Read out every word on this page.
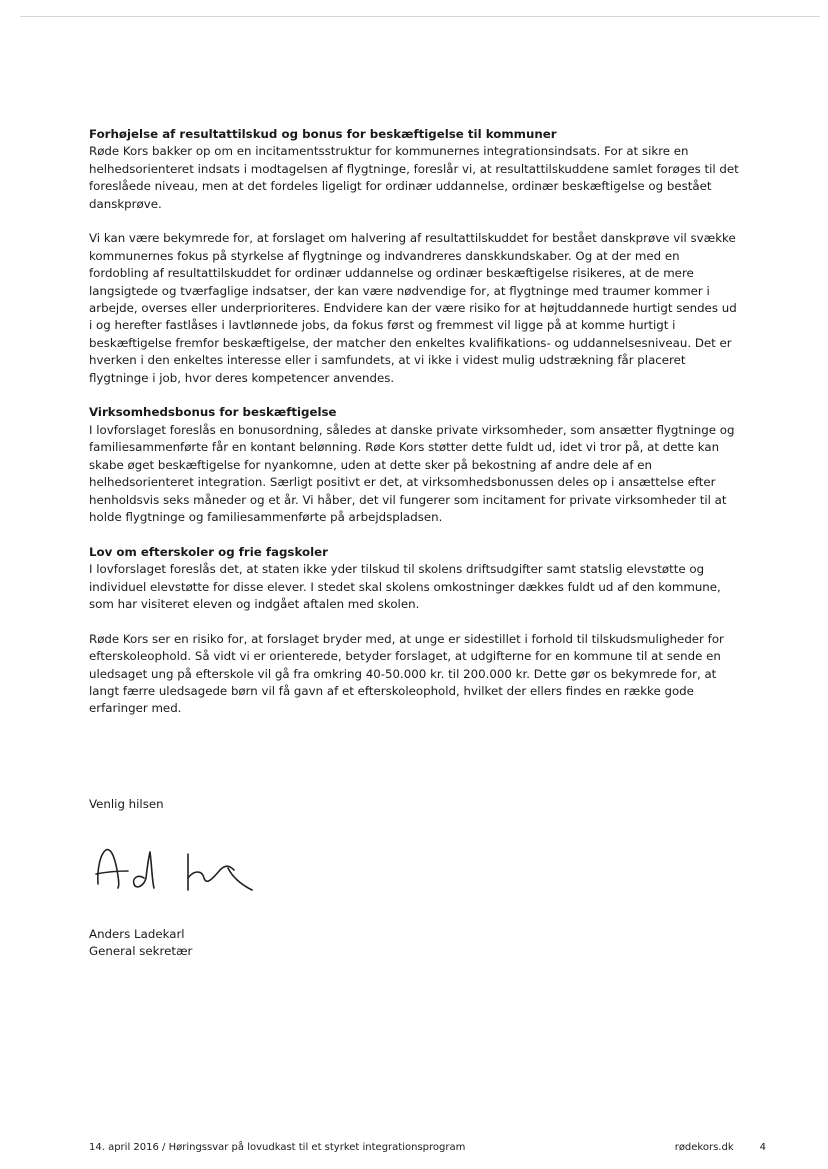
Forhøjelse af resultattilskud og bonus for beskæftigelse til kommuner

Røde Kors bakker op om en incitamentsstruktur for kommunernes integrationsindsats. For at sikre en helhedsorienteret indsats i modtagelsen af flygtninge, foreslår vi, at resultattilskuddene samlet forøges til det foreslåede niveau, men at det fordeles ligeligt for ordinær uddannelse, ordinær beskæftigelse og bestået danskprøve.

Vi kan være bekymrede for, at forslaget om halvering af resultattilskuddet for bestået danskprøve vil svække kommunernes fokus på styrkelse af flygtninge og indvandreres danskkundskaber. Og at der med en fordobling af resultattilskuddet for ordinær uddannelse og ordinær beskæftigelse risikeres, at de mere langsigtede og tværfaglige indsatser, der kan være nødvendige for, at flygtninge med traumer kommer i arbejde, overses eller underprioriteres. Endvidere kan der være risiko for at højtuddannede hurtigt sendes ud i og herefter fastlåses i lavtlønnede jobs, da fokus først og fremmest vil ligge på at komme hurtigt i beskæftigelse fremfor beskæftigelse, der matcher den enkeltes kvalifikations- og uddannelsesniveau. Det er hverken i den enkeltes interesse eller i samfundets, at vi ikke i videst mulig udstrækning får placeret flygtninge i job, hvor deres kompetencer anvendes.

Virksomhedsbonus for beskæftigelse

I lovforslaget foreslås en bonusordning, således at danske private virksomheder, som ansætter flygtninge og familiesammenførte får en kontant belønning. Røde Kors støtter dette fuldt ud, idet vi tror på, at dette kan skabe øget beskæftigelse for nyankomne, uden at dette sker på bekostning af andre dele af en helhedsorienteret integration. Særligt positivt er det, at virksomhedsbonussen deles op i ansættelse efter henholdsvis seks måneder og et år. Vi håber, det vil fungerer som incitament for private virksomheder til at holde flygtninge og familiesammenførte på arbejdspladsen.

Lov om efterskoler og frie fagskoler

I lovforslaget foreslås det, at staten ikke yder tilskud til skolens driftsudgifter samt statslig elevstøtte og individuel elevstøtte for disse elever. I stedet skal skolens omkostninger dækkes fuldt ud af den kommune, som har visiteret eleven og indgået aftalen med skolen.

Røde Kors ser en risiko for, at forslaget bryder med, at unge er sidestillet i forhold til tilskudsmuligheder for efterskoleophold. Så vidt vi er orienterede, betyder forslaget, at udgifterne for en kommune til at sende en uledsaget ung på efterskole vil gå fra omkring 40-50.000 kr. til 200.000 kr. Dette gør os bekymrede for, at langt færre uledsagede børn vil få gavn af et efterskoleophold, hvilket der ellers findes en række gode erfaringer med.

Venlig hilsen
Anders Ladekarl
General sekretær
14. april 2016 / Høringssvar på lovudkast til et styrket integrationsprogram	rødekors.dk	4
